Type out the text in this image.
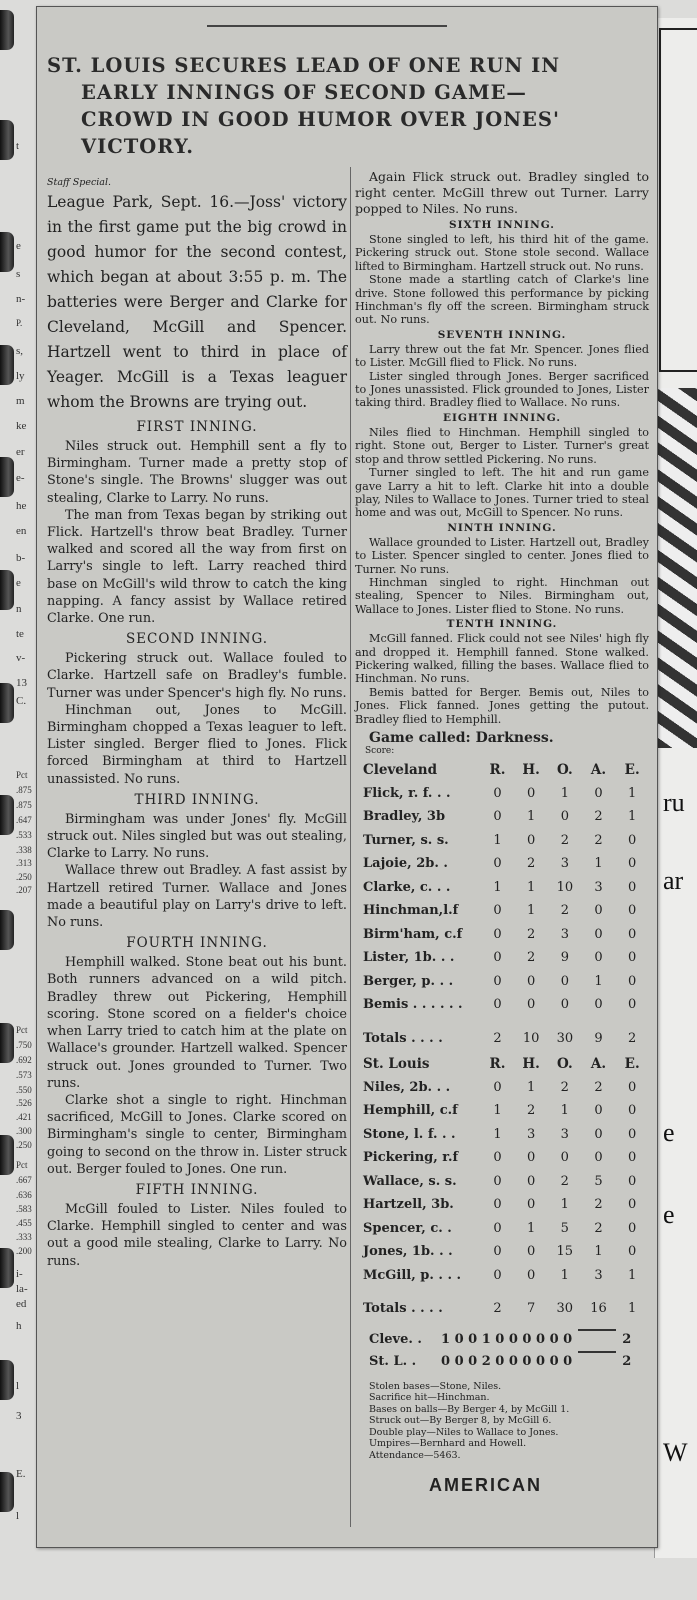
t
e
s
n-
P.
s,
ly
m
ke
er
e-
he
en
b-
e
n
te
v-
13
C.
Pct
.875
.875
.647
.533
.338
.313
.250
.207
Pct
.750
.692
.573
.550
.526
.421
.300
.250
Pct
.667
.636
.583
.455
.333
.200
i-
la-
ed
h
l
3
E.
l
ru
ar
e
e
W
ST. LOUIS SECURES LEAD OF ONE RUN IN
EARLY INNINGS OF SECOND GAME—
CROWD IN GOOD HUMOR OVER JONES'
VICTORY.

Staff Special.

League Park, Sept. 16.—Joss' victory in the first game put the big crowd in good humor for the second contest, which began at about 3:55 p. m. The batteries were Berger and Clarke for Cleveland, McGill and Spencer. Hartzell went to third in place of Yeager. McGill is a Texas leaguer whom the Browns are trying out.

FIRST INNING.

Niles struck out. Hemphill sent a fly to Birmingham. Turner made a pretty stop of Stone's single. The Browns' slugger was out stealing, Clarke to Larry. No runs.

The man from Texas began by striking out Flick. Hartzell's throw beat Bradley. Turner walked and scored all the way from first on Larry's single to left. Larry reached third base on McGill's wild throw to catch the king napping. A fancy assist by Wallace retired Clarke. One run.

SECOND INNING.

Pickering struck out. Wallace fouled to Clarke. Hartzell safe on Bradley's fumble. Turner was under Spencer's high fly. No runs.

Hinchman out, Jones to McGill. Birmingham chopped a Texas leaguer to left. Lister singled. Berger flied to Jones. Flick forced Birmingham at third to Hartzell unassisted. No runs.

THIRD INNING.

Birmingham was under Jones' fly. McGill struck out. Niles singled but was out stealing, Clarke to Larry. No runs.

Wallace threw out Bradley. A fast assist by Hartzell retired Turner. Wallace and Jones made a beautiful play on Larry's drive to left. No runs.

FOURTH INNING.

Hemphill walked. Stone beat out his bunt. Both runners advanced on a wild pitch. Bradley threw out Pickering, Hemphill scoring. Stone scored on a fielder's choice when Larry tried to catch him at the plate on Wallace's grounder. Hartzell walked. Spencer struck out. Jones grounded to Turner. Two runs.

Clarke shot a single to right. Hinchman sacrificed, McGill to Jones. Clarke scored on Birmingham's single to center, Birmingham going to second on the throw in. Lister struck out. Berger fouled to Jones. One run.

FIFTH INNING.

McGill fouled to Lister. Niles fouled to Clarke. Hemphill singled to center and was out a good mile stealing, Clarke to Larry. No runs.

Again Flick struck out. Bradley singled to right center. McGill threw out Turner. Larry popped to Niles. No runs.

SIXTH INNING.

Stone singled to left, his third hit of the game. Pickering struck out. Stone stole second. Wallace lifted to Birmingham. Hartzell struck out. No runs.

Stone made a startling catch of Clarke's line drive. Stone followed this performance by picking Hinchman's fly off the screen. Birmingham struck out. No runs.

SEVENTH INNING.

Larry threw out the fat Mr. Spencer. Jones flied to Lister. McGill flied to Flick. No runs.

Lister singled through Jones. Berger sacrificed to Jones unassisted. Flick grounded to Jones, Lister taking third. Bradley flied to Wallace. No runs.

EIGHTH INNING.

Niles flied to Hinchman. Hemphill singled to right. Stone out, Berger to Lister. Turner's great stop and throw settled Pickering. No runs.

Turner singled to left. The hit and run game gave Larry a hit to left. Clarke hit into a double play, Niles to Wallace to Jones. Turner tried to steal home and was out, McGill to Spencer. No runs.

NINTH INNING.

Wallace grounded to Lister. Hartzell out, Bradley to Lister. Spencer singled to center. Jones flied to Turner. No runs.

Hinchman singled to right. Hinchman out stealing, Spencer to Niles. Birmingham out, Wallace to Jones. Lister flied to Stone. No runs.

TENTH INNING.

McGill fanned. Flick could not see Niles' high fly and dropped it. Hemphill fanned. Stone walked. Pickering walked, filling the bases. Wallace flied to Hinchman. No runs.

Bemis batted for Berger. Bemis out, Niles to Jones. Flick fanned. Jones getting the putout. Bradley flied to Hemphill.

Game called: Darkness.

Score:

Cleveland	R.	H.	O.	A.	E.
Flick, r. f. . .	0	0	1	0	1
Bradley, 3b	0	1	0	2	1
Turner, s. s.	1	0	2	2	0
Lajoie, 2b. .	0	2	3	1	0
Clarke, c. . .	1	1	10	3	0
Hinchman,l.f	0	1	2	0	0
Birm'ham, c.f	0	2	3	0	0
Lister, 1b. . .	0	2	9	0	0
Berger, p. . .	0	0	0	1	0
Bemis . . . . . .	0	0	0	0	0
Totals . . . .	2	10	30	9	2
St. Louis	R.	H.	O.	A.	E.
Niles, 2b. . .	0	1	2	2	0
Hemphill, c.f	1	2	1	0	0
Stone, l. f. . .	1	3	3	0	0
Pickering, r.f	0	0	0	0	0
Wallace, s. s.	0	0	2	5	0
Hartzell, 3b.	0	0	1	2	0
Spencer, c. .	0	1	5	2	0
Jones, 1b. . .	0	0	15	1	0
McGill, p. . . .	0	0	1	3	1
Totals . . . .	2	7	30	16	1
Cleve. .	1 0 0 1 0 0 0 0 0 0	2
St. L. .	0 0 0 2 0 0 0 0 0 0	2
Stolen bases—Stone, Niles.
Sacrifice hit—Hinchman.
Bases on balls—By Berger 4, by McGill 1.
Struck out—By Berger 8, by McGill 6.
Double play—Niles to Wallace to Jones.
Umpires—Bernhard and Howell.
Attendance—5463.
AMERICAN
